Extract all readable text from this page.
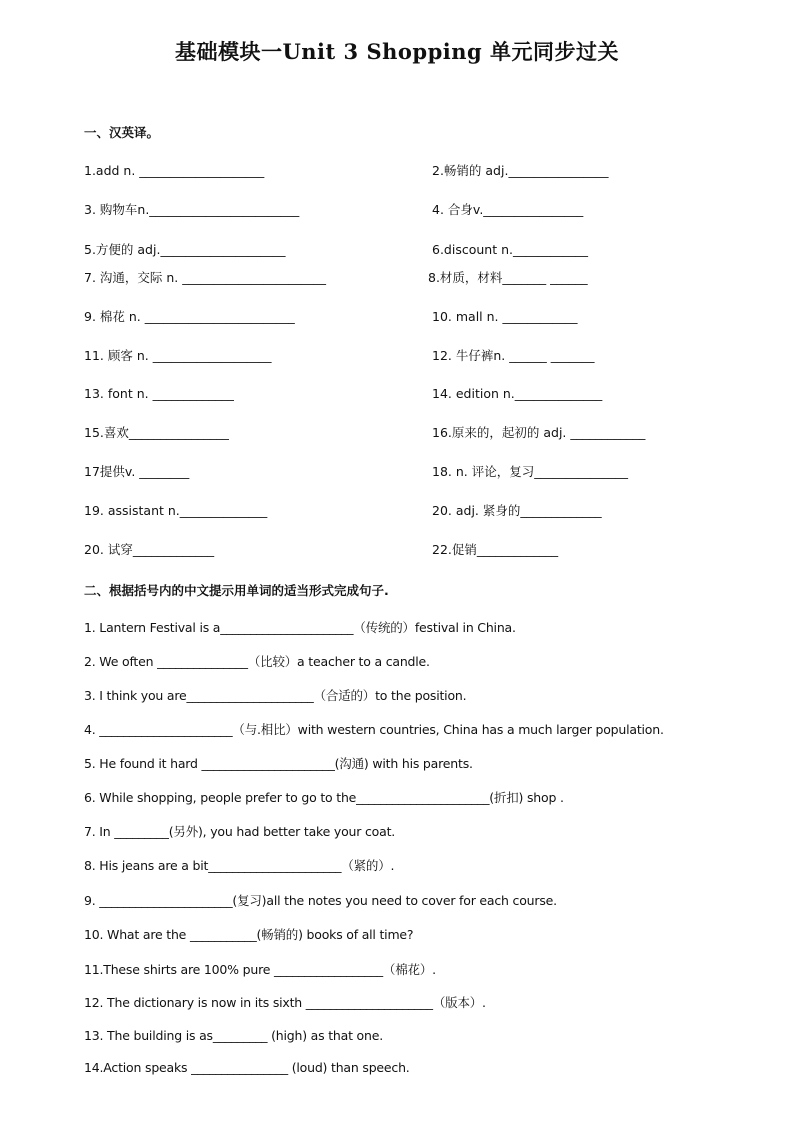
基础模块一Unit 3 Shopping 单元同步过关
一、汉英译。
1.add n. ____________________	2.畅销的 adj.________________
3. 购物车n.________________________	4. 合身v.________________
5.方便的 adj.____________________	6.discount n.____________
7. 沟通，交际 n. _______________________	8.材质，材料_______ ______
9. 棉花 n. ________________________	10. mall n. ____________
11. 顾客 n. ___________________	12. 牛仔裤n. ______ _______
13. font n. _____________	14. edition n.______________
15.喜欢________________	16.原来的，起初的 adj. ____________
17提供v. ________	18. n. 评论，复习_______________
19. assistant n.______________	20. adj. 紧身的_____________
20. 试穿_____________	22.促销_____________
二、根据括号内的中文提示用单词的适当形式完成句子.
1. Lantern Festival is a______________________（传统的）festival in China.
2. We often _______________（比较）a teacher to a candle.
3. I think you are_____________________（合适的）to the position.
4. ______________________（与.相比）with western countries, China has a much larger population.
5. He found it hard ______________________(沟通) with his parents.
6. While shopping, people prefer to go to the______________________(折扣) shop .
7. In _________(另外), you had better take your coat.
8. His jeans are a bit______________________（紧的）.
9. ______________________(复习)all the notes you need to cover for each course.
10. What are the ___________(畅销的) books of all time?
11.These shirts are 100% pure __________________（棉花）.
12. The dictionary is now in its sixth _____________________（版本）.
13. The building is as_________ (high) as that one.
14.Action speaks ________________ (loud) than speech.
